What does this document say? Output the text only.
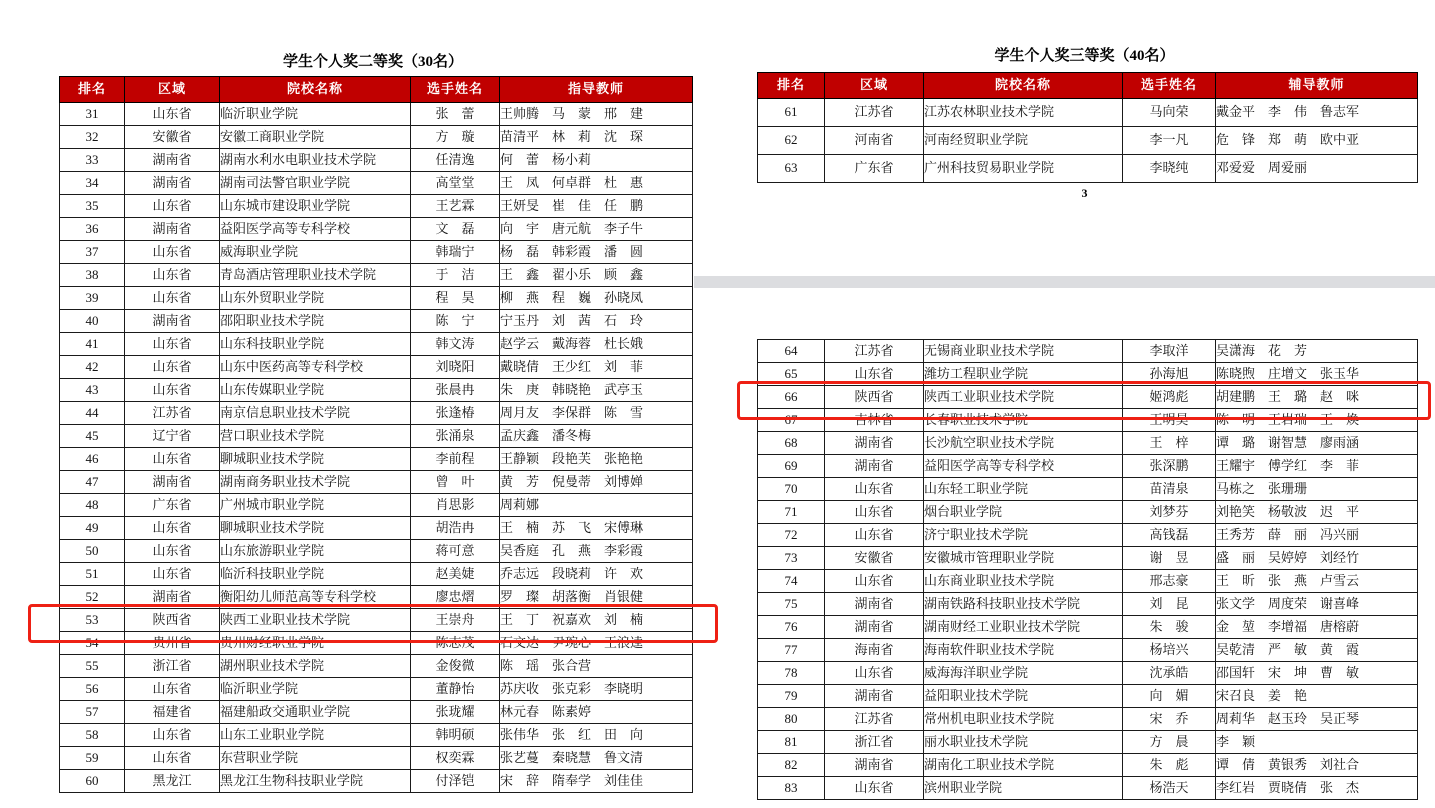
学生个人奖二等奖（30名）
排名	区域	院校名称	选手姓名	指导教师
31	山东省	临沂职业学院	张　蕾	王帅腾　马　蒙　邢　建
32	安徽省	安徽工商职业学院	方　璇	苗清平　林　莉　沈　琛
33	湖南省	湖南水利水电职业技术学院	任清逸	何　蕾　杨小莉
34	湖南省	湖南司法警官职业学院	高堂堂	王　凤　何卓群　杜　惠
35	山东省	山东城市建设职业学院	王艺霖	王妍旻　崔　佳　任　鹏
36	湖南省	益阳医学高等专科学校	文　磊	向　宇　唐元航　李子牛
37	山东省	威海职业学院	韩瑞宁	杨　磊　韩彩霞　潘　圆
38	山东省	青岛酒店管理职业技术学院	于　洁	王　鑫　翟小乐　顾　鑫
39	山东省	山东外贸职业学院	程　昊	柳　燕　程　巍　孙晓凤
40	湖南省	邵阳职业技术学院	陈　宁	宁玉丹　刘　茜　石　玲
41	山东省	山东科技职业学院	韩文涛	赵学云　戴海蓉　杜长娥
42	山东省	山东中医药高等专科学校	刘晓阳	戴晓倩　王少红　刘　菲
43	山东省	山东传媒职业学院	张晨冉	朱　庚　韩晓艳　武亭玉
44	江苏省	南京信息职业技术学院	张逢椿	周月友　李保群　陈　雪
45	辽宁省	营口职业技术学院	张涌泉	孟庆鑫　潘冬梅
46	山东省	聊城职业技术学院	李前程	王静颖　段艳芙　张艳艳
47	湖南省	湖南商务职业技术学院	曾　叶	黄　芳　倪曼蒂　刘博婵
48	广东省	广州城市职业学院	肖思影	周莉娜
49	山东省	聊城职业技术学院	胡浩冉	王　楠　苏　飞　宋傅琳
50	山东省	山东旅游职业学院	蒋可意	吴香庭　孔　燕　李彩霞
51	山东省	临沂科技职业学院	赵美婕	乔志远　段晓莉　许　欢
52	湖南省	衡阳幼儿师范高等专科学校	廖忠熠	罗　璨　胡落衡　肖银健
53	陕西省	陕西工业职业技术学院	王崇舟	王　丁　祝嘉欢　刘　楠
54	贵州省	贵州财经职业学院	陈志茂	石文达　尹琬心　王浪逵
55	浙江省	湖州职业技术学院	金俊微	陈　瑶　张合营
56	山东省	临沂职业学院	董静怡	苏庆收　张克彩　李晓明
57	福建省	福建船政交通职业学院	张珑耀	林元春　陈素婷
58	山东省	山东工业职业学院	韩明硕	张伟华　张　红　田　向
59	山东省	东营职业学院	权奕霖	张艺蔓　秦晓慧　鲁文清
60	黑龙江	黑龙江生物科技职业学院	付泽铠	宋　辞　隋奉学　刘佳佳
学生个人奖三等奖（40名）
排名	区域	院校名称	选手姓名	辅导教师
61	江苏省	江苏农林职业技术学院	马向荣	戴金平　李　伟　鲁志军
62	河南省	河南经贸职业学院	李一凡	危　锋　郑　萌　欧中亚
63	广东省	广州科技贸易职业学院	李晓纯	邓爱爱　周爱丽
3
64	江苏省	无锡商业职业技术学院	李取洋	吴潇海　花　芳
65	山东省	潍坊工程职业学院	孙海旭	陈晓煦　庄增文　张玉华
66	陕西省	陕西工业职业技术学院	姬鸿彪	胡建鹏　王　璐　赵　咪
67	吉林省	长春职业技术学院	王明昊	陈　明　王岩瑞　王　焕
68	湖南省	长沙航空职业技术学院	王　梓	谭　璐　谢智慧　廖雨涵
69	湖南省	益阳医学高等专科学校	张深鹏	王耀宇　傅学红　李　菲
70	山东省	山东轻工职业学院	苗清泉	马栋之　张珊珊
71	山东省	烟台职业学院	刘梦芬	刘艳笑　杨敬波　迟　平
72	山东省	济宁职业技术学院	高钱磊	王秀芳　薛　丽　冯兴丽
73	安徽省	安徽城市管理职业学院	谢　昱	盛　丽　吴婷婷　刘经竹
74	山东省	山东商业职业技术学院	邢志豪	王　昕　张　燕　卢雪云
75	湖南省	湖南铁路科技职业技术学院	刘　昆	张文学　周度荣　谢喜峰
76	湖南省	湖南财经工业职业技术学院	朱　骏	金　堃　李增福　唐榕蔚
77	海南省	海南软件职业技术学院	杨培兴	吴乾清　严　敏　黄　霞
78	山东省	威海海洋职业学院	沈承皓	邵国轩　宋　坤　曹　敏
79	湖南省	益阳职业技术学院	向　媚	宋召良　姜　艳
80	江苏省	常州机电职业技术学院	宋　乔	周莉华　赵玉玲　吴正琴
81	浙江省	丽水职业技术学院	方　晨	李　颖
82	湖南省	湖南化工职业技术学院	朱　彪	谭　倩　黄银秀　刘社合
83	山东省	滨州职业学院	杨浩天	李红岩　贾晓倩　张　杰
